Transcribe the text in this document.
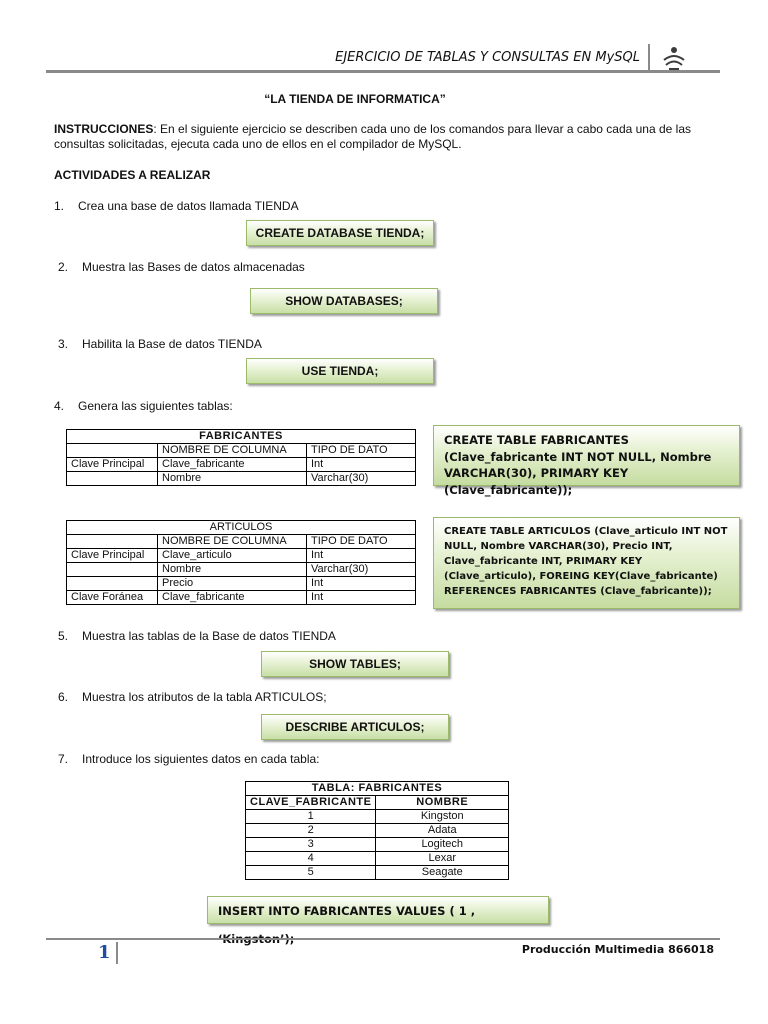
EJERCICIO DE TABLAS Y CONSULTAS EN MySQL
“LA TIENDA DE INFORMATICA”
INSTRUCCIONES: En el siguiente ejercicio se describen cada uno de los comandos para llevar a cabo cada una de las consultas solicitadas, ejecuta cada uno de ellos en el compilador de MySQL.
ACTIVIDADES A REALIZAR
1. Crea una base de datos llamada TIENDA
CREATE DATABASE TIENDA;
2. Muestra las Bases de datos almacenadas
SHOW DATABASES;
3. Habilita la Base de datos TIENDA
USE TIENDA;
4. Genera las siguientes tablas:
FABRICANTES		
	NOMBRE DE COLUMNA	TIPO DE DATO
Clave Principal	Clave_fabricante	Int
	Nombre	Varchar(30)
CREATE TABLE FABRICANTES (Clave_fabricante INT NOT NULL, Nombre VARCHAR(30), PRIMARY KEY (Clave_fabricante));
ARTICULOS		
	NOMBRE DE COLUMNA	TIPO DE DATO
Clave Principal	Clave_articulo	Int
	Nombre	Varchar(30)
	Precio	Int
Clave Foránea	Clave_fabricante	Int
CREATE TABLE ARTICULOS (Clave_articulo INT NOT NULL, Nombre VARCHAR(30), Precio INT, Clave_fabricante INT, PRIMARY KEY (Clave_articulo), FOREING KEY(Clave_fabricante) REFERENCES FABRICANTES (Clave_fabricante));
5. Muestra las tablas de la Base de datos TIENDA
SHOW TABLES;
6. Muestra los atributos de la tabla ARTICULOS;
DESCRIBE ARTICULOS;
7. Introduce los siguientes datos en cada tabla:
TABLA: FABRICANTES	
CLAVE_FABRICANTE	NOMBRE
1	Kingston
2	Adata
3	Logitech
4	Lexar
5	Seagate
INSERT INTO FABRICANTES VALUES ( 1 ,
1	Producción Multimedia 866018
